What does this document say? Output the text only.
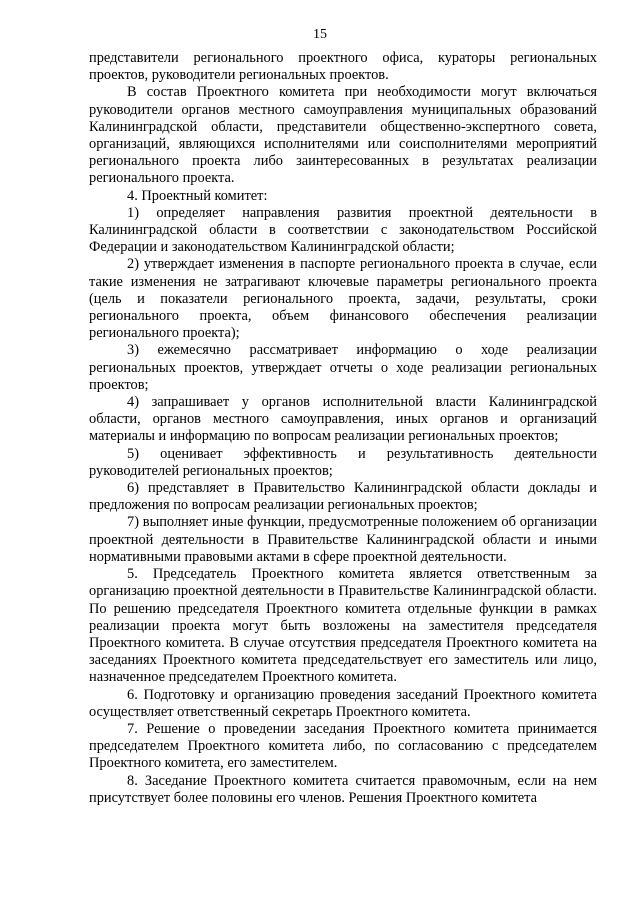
15

представители регионального проектного офиса, кураторы региональных проектов, руководители региональных проектов.

В состав Проектного комитета при необходимости могут включаться руководители органов местного самоуправления муниципальных образований Калининградской области, представители общественно-экспертного совета, организаций, являющихся исполнителями или соисполнителями мероприятий регионального проекта либо заинтересованных в результатах реализации регионального проекта.

4. Проектный комитет:

1) определяет направления развития проектной деятельности в Калининградской области в соответствии с законодательством Российской Федерации и законодательством Калининградской области;

2) утверждает изменения в паспорте регионального проекта в случае, если такие изменения не затрагивают ключевые параметры регионального проекта (цель и показатели регионального проекта, задачи, результаты, сроки регионального проекта, объем финансового обеспечения реализации регионального проекта);

3) ежемесячно рассматривает информацию о ходе реализации региональных проектов, утверждает отчеты о ходе реализации региональных проектов;

4) запрашивает у органов исполнительной власти Калининградской области, органов местного самоуправления, иных органов и организаций материалы и информацию по вопросам реализации региональных проектов;

5) оценивает эффективность и результативность деятельности руководителей региональных проектов;

6) представляет в Правительство Калининградской области доклады и предложения по вопросам реализации региональных проектов;

7) выполняет иные функции, предусмотренные положением об организации проектной деятельности в Правительстве Калининградской области и иными нормативными правовыми актами в сфере проектной деятельности.

5. Председатель Проектного комитета является ответственным за организацию проектной деятельности в Правительстве Калининградской области. По решению председателя Проектного комитета отдельные функции в рамках реализации проекта могут быть возложены на заместителя председателя Проектного комитета. В случае отсутствия председателя Проектного комитета на заседаниях Проектного комитета председательствует его заместитель или лицо, назначенное председателем Проектного комитета.

6. Подготовку и организацию проведения заседаний Проектного комитета осуществляет ответственный секретарь Проектного комитета.

7. Решение о проведении заседания Проектного комитета принимается председателем Проектного комитета либо, по согласованию с председателем Проектного комитета, его заместителем.

8. Заседание Проектного комитета считается правомочным, если на нем присутствует более половины его членов. Решения Проектного комитета
